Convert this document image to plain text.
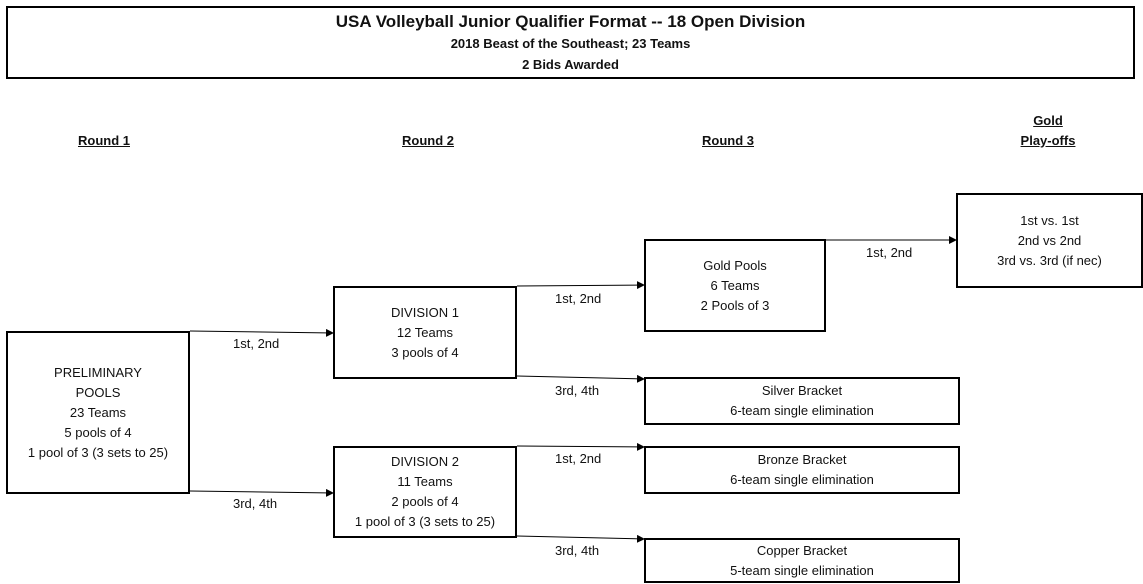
USA Volleyball Junior Qualifier Format -- 18 Open Division
2018 Beast of the Southeast; 23 Teams
2 Bids Awarded
Round 1	Round 2	Round 3
Gold
Play-offs
1st, 2nd
3rd, 4th
1st, 2nd
3rd, 4th
1st, 2nd
3rd, 4th
1st, 2nd
PRELIMINARY
POOLS
23 Teams
5 pools of 4
1 pool of 3 (3 sets to 25)
DIVISION 1
12 Teams
3 pools of 4
DIVISION 2
11 Teams
2 pools of 4
1 pool of 3 (3 sets to 25)
Gold Pools
6 Teams
2 Pools of 3
Silver Bracket
6-team single elimination
Bronze Bracket
6-team single elimination
Copper Bracket
5-team single elimination
1st vs. 1st
2nd vs 2nd
3rd vs. 3rd (if nec)
